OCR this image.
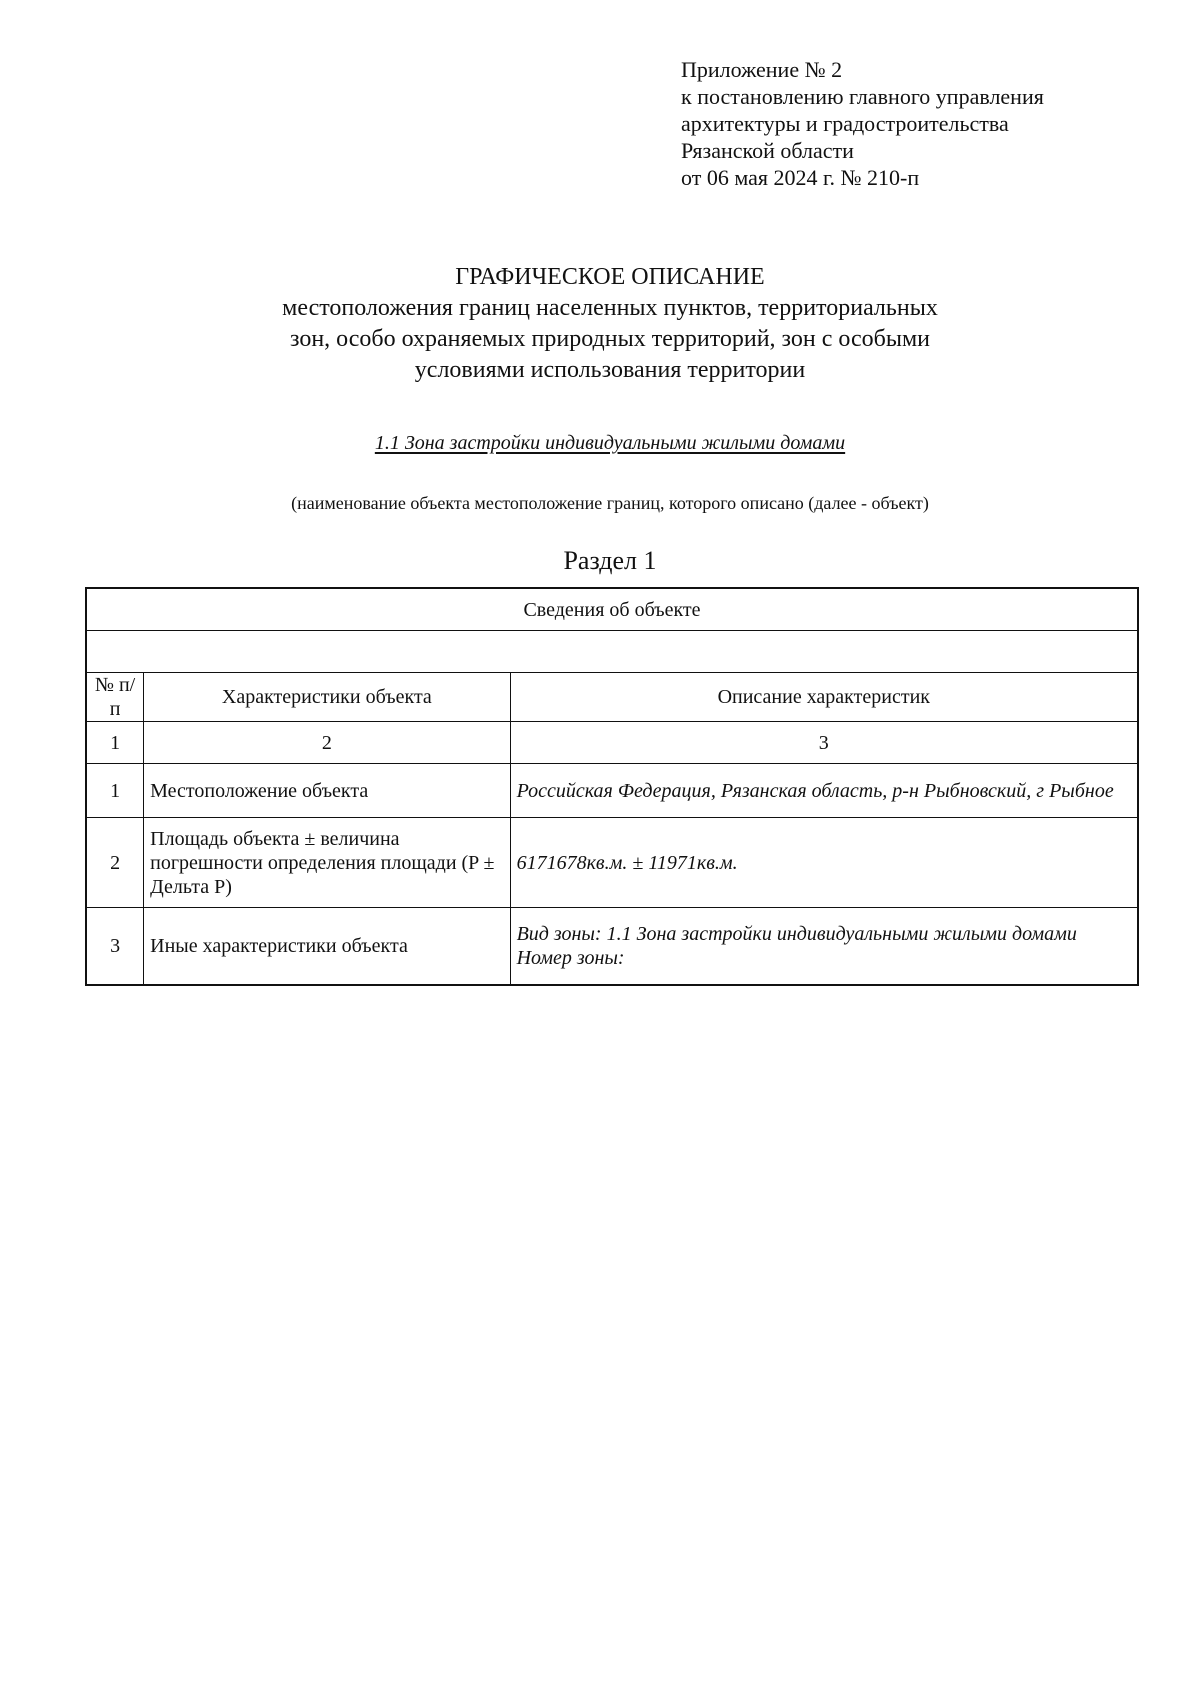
Приложение № 2
к постановлению главного управления
архитектуры и градостроительства
Рязанской области
от 06 мая 2024 г. № 210-п
ГРАФИЧЕСКОЕ ОПИСАНИЕ
местоположения границ населенных пунктов, территориальных
зон, особо охраняемых природных территорий, зон с особыми
условиями использования территории
1.1 Зона застройки индивидуальными жилыми домами
(наименование объекта местоположение границ, которого описано (далее - объект)
Раздел 1
Сведения об объекте		

№ п/п	Характеристики объекта	Описание характеристик
1	2	3
1	Местоположение объекта	Российская Федерация, Рязанская область, р-н Рыбновский, г Рыбное
2	Площадь объекта ± величина погрешности определения площади (P ± Дельта P)	6171678кв.м. ± 11971кв.м.
3	Иные характеристики объекта	Вид зоны: 1.1 Зона застройки индивидуальными жилыми домами
Номер зоны:
